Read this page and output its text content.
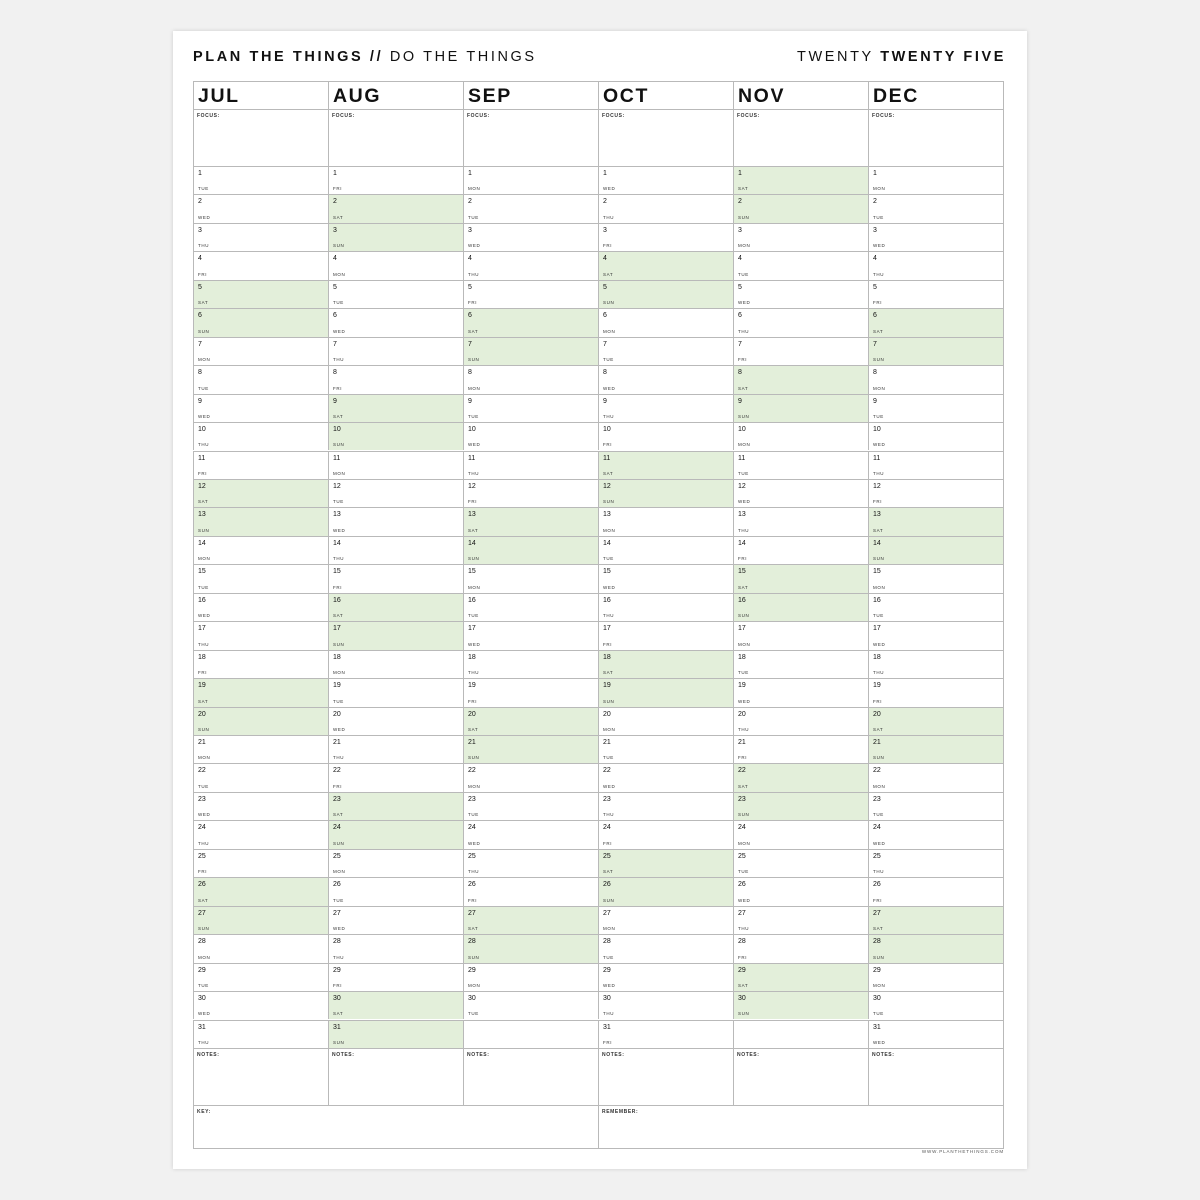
PLAN THE THINGS // DO THE THINGS	TWENTY TWENTY FIVE
JUL
FOCUS:
1
TUE
2
WED
3
THU
4
FRI
5
SAT
6
SUN
7
MON
8
TUE
9
WED
10
THU
11
FRI
12
SAT
13
SUN
14
MON
15
TUE
16
WED
17
THU
18
FRI
19
SAT
20
SUN
21
MON
22
TUE
23
WED
24
THU
25
FRI
26
SAT
27
SUN
28
MON
29
TUE
30
WED
31
THU
NOTES:
AUG
FOCUS:
1
FRI
2
SAT
3
SUN
4
MON
5
TUE
6
WED
7
THU
8
FRI
9
SAT
10
SUN
11
MON
12
TUE
13
WED
14
THU
15
FRI
16
SAT
17
SUN
18
MON
19
TUE
20
WED
21
THU
22
FRI
23
SAT
24
SUN
25
MON
26
TUE
27
WED
28
THU
29
FRI
30
SAT
31
SUN
NOTES:
SEP
FOCUS:
1
MON
2
TUE
3
WED
4
THU
5
FRI
6
SAT
7
SUN
8
MON
9
TUE
10
WED
11
THU
12
FRI
13
SAT
14
SUN
15
MON
16
TUE
17
WED
18
THU
19
FRI
20
SAT
21
SUN
22
MON
23
TUE
24
WED
25
THU
26
FRI
27
SAT
28
SUN
29
MON
30
TUE
NOTES:
OCT
FOCUS:
1
WED
2
THU
3
FRI
4
SAT
5
SUN
6
MON
7
TUE
8
WED
9
THU
10
FRI
11
SAT
12
SUN
13
MON
14
TUE
15
WED
16
THU
17
FRI
18
SAT
19
SUN
20
MON
21
TUE
22
WED
23
THU
24
FRI
25
SAT
26
SUN
27
MON
28
TUE
29
WED
30
THU
31
FRI
NOTES:
NOV
FOCUS:
1
SAT
2
SUN
3
MON
4
TUE
5
WED
6
THU
7
FRI
8
SAT
9
SUN
10
MON
11
TUE
12
WED
13
THU
14
FRI
15
SAT
16
SUN
17
MON
18
TUE
19
WED
20
THU
21
FRI
22
SAT
23
SUN
24
MON
25
TUE
26
WED
27
THU
28
FRI
29
SAT
30
SUN
NOTES:
DEC
FOCUS:
1
MON
2
TUE
3
WED
4
THU
5
FRI
6
SAT
7
SUN
8
MON
9
TUE
10
WED
11
THU
12
FRI
13
SAT
14
SUN
15
MON
16
TUE
17
WED
18
THU
19
FRI
20
SAT
21
SUN
22
MON
23
TUE
24
WED
25
THU
26
FRI
27
SAT
28
SUN
29
MON
30
TUE
31
WED
NOTES:
KEY:	REMEMBER:
WWW.PLANTHETHINGS.COM
